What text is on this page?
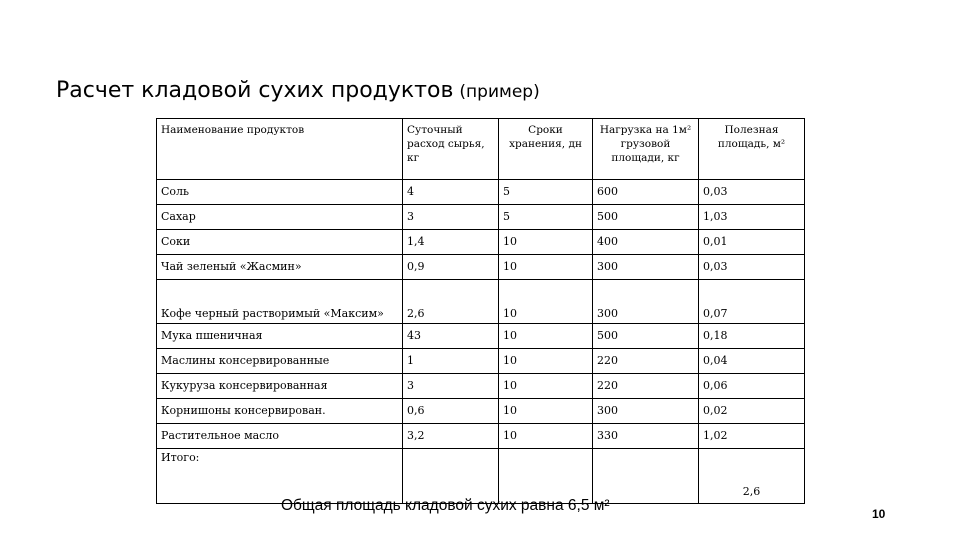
Расчет кладовой сухих продуктов (пример)
Наименование продуктов	Суточный расход сырья, кг	Сроки хранения, дн	Нагрузка на 1м² грузовой площади, кг	Полезная площадь, м²
Соль	4	5	600	0,03
Сахар	3	5	500	1,03
Соки	1,4	10	400	0,01
Чай зеленый «Жасмин»	0,9	10	300	0,03
Кофе черный растворимый «Максим»	2,6	10	300	0,07
Мука пшеничная	43	10	500	0,18
Маслины консервированные	1	10	220	0,04
Кукуруза консервированная	3	10	220	0,06
Корнишоны консервирован.	0,6	10	300	0,02
Растительное масло	3,2	10	330	1,02
Итого:				2,6
Общая площадь кладовой сухих равна 6,5 м²	10
